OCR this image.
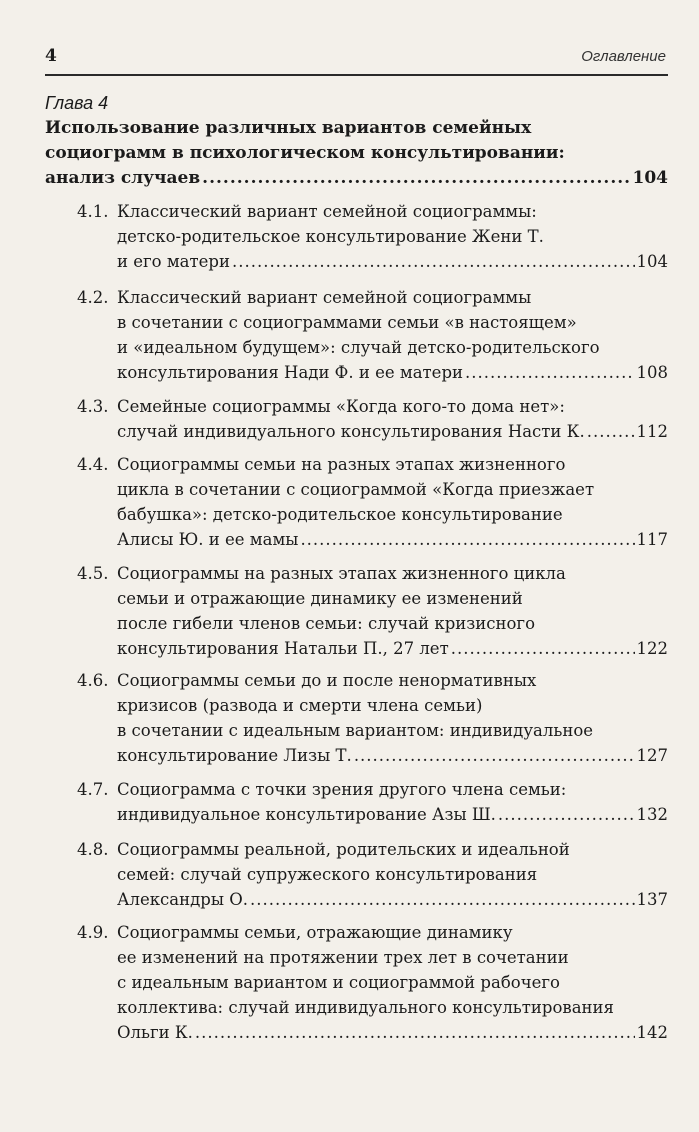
4	Оглавление
Глава 4
Использование различных вариантов семейных
социограмм в психологическом консультировании:
анализ случаев .....	104
4.1. Классический вариант семейной социограммы:
детско-родительское консультирование Жени Т.
и его матери .....	104
4.2. Классический вариант семейной социограммы
в сочетании с социограммами семьи «в настоящем»
и «идеальном будущем»: случай детско-родительского
консультирования Нади Ф. и ее матери .....	108
4.3. Семейные социограммы «Когда кого-то дома нет»:
случай индивидуального консультирования Насти К. .....	112
4.4. Социограммы семьи на разных этапах жизненного
цикла в сочетании с социограммой «Когда приезжает
бабушка»: детско-родительское консультирование
Алисы Ю. и ее мамы .....	117
4.5. Социограммы на разных этапах жизненного цикла
семьи и отражающие динамику ее изменений
после гибели членов семьи: случай кризисного
консультирования Натальи П., 27 лет .....	122
4.6. Социограммы семьи до и после ненормативных
кризисов (развода и смерти члена семьи)
в сочетании с идеальным вариантом: индивидуальное
консультирование Лизы Т. .....	127
4.7. Социограмма с точки зрения другого члена семьи:
индивидуальное консультирование Азы Ш. .....	132
4.8. Социограммы реальной, родительских и идеальной
семей: случай супружеского консультирования
Александры О. .....	137
4.9. Социограммы семьи, отражающие динамику
ее изменений на протяжении трех лет в сочетании
с идеальным вариантом и социограммой рабочего
коллектива: случай индивидуального консультирования
Ольги К. .....	142
